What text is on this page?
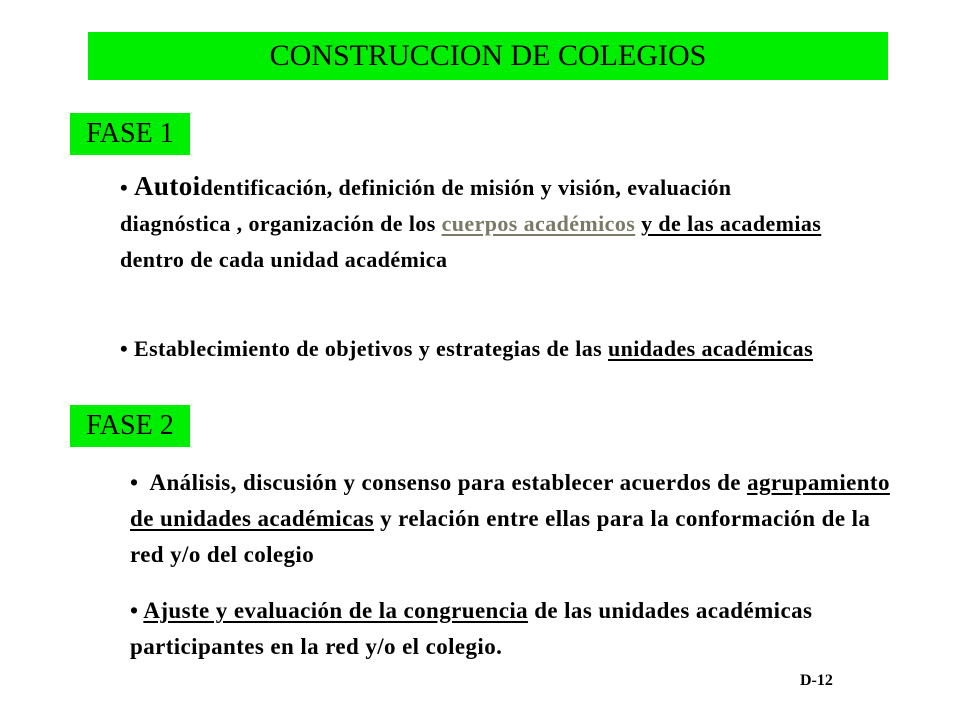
CONSTRUCCION DE COLEGIOS
FASE 1

• Autoidentificación, definición de misión y visión, evaluación diagnóstica , organización de los cuerpos académicos y de las academias dentro de cada unidad académica

• Establecimiento de objetivos y estrategias de las unidades académicas

FASE 2

• Análisis, discusión y consenso para establecer acuerdos de agrupamiento de unidades académicas y relación entre ellas para la conformación de la red y/o del colegio

• Ajuste y evaluación de la congruencia de las unidades académicas participantes en la red y/o el colegio.

D-12
